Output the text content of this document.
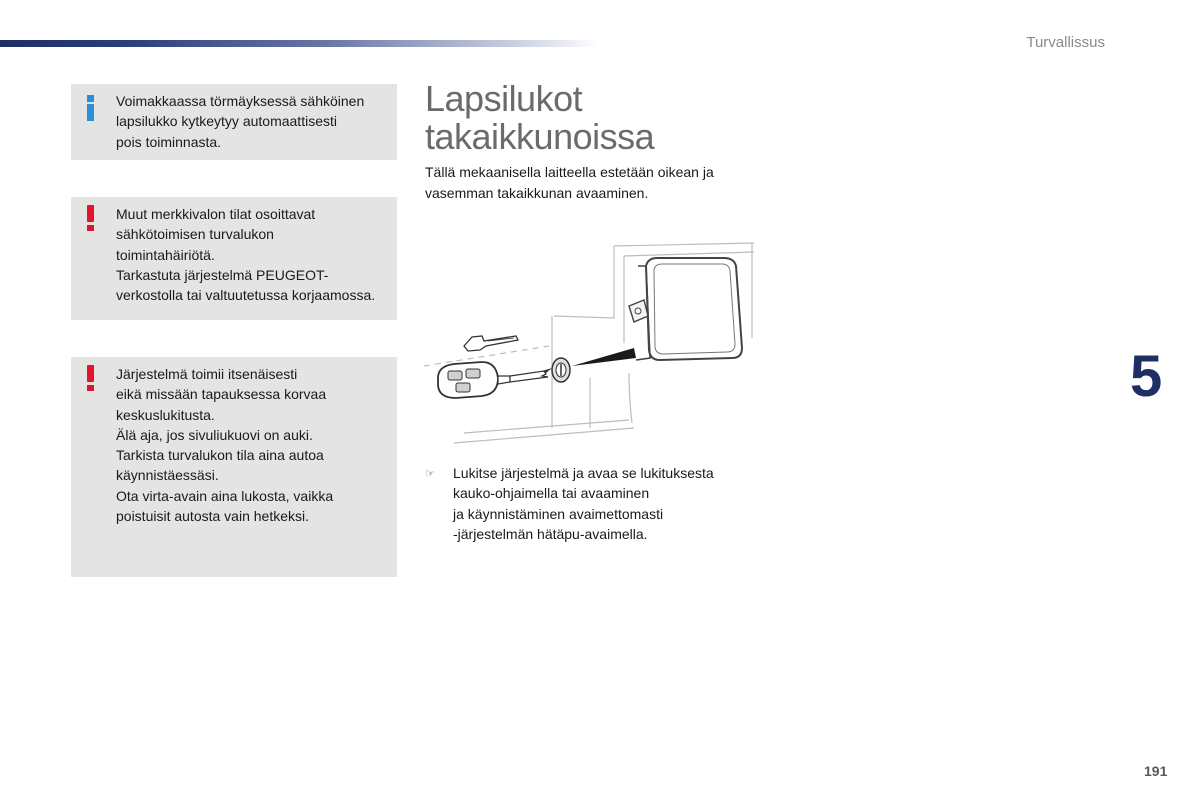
Turvallissus
Voimakkaassa törmäyksessä sähköinen
lapsilukko kytkeytyy automaattisesti
pois toiminnasta.
Muut merkkivalon tilat osoittavat
sähkötoimisen turvalukon
toimintahäiriötä.
Tarkastuta järjestelmä PEUGEOT-
verkostolla tai valtuutetussa korjaamossa.
Järjestelmä toimii itsenäisesti
eikä missään tapauksessa korvaa
keskuslukitusta.
Älä aja, jos sivuliukuovi on auki.
Tarkista turvalukon tila aina autoa
käynnistäessäsi.
Ota virta-avain aina lukosta, vaikka
poistuisit autosta vain hetkeksi.
Lapsilukot
takaikkunoissa
Tällä mekaanisella laitteella estetään oikean ja
vasemman takaikkunan avaaminen.
☞ Lukitse järjestelmä ja avaa se lukituksesta
kauko-ohjaimella tai avaaminen
ja käynnistäminen avaimettomasti
-järjestelmän hätäpu-avaimella.
5
191
